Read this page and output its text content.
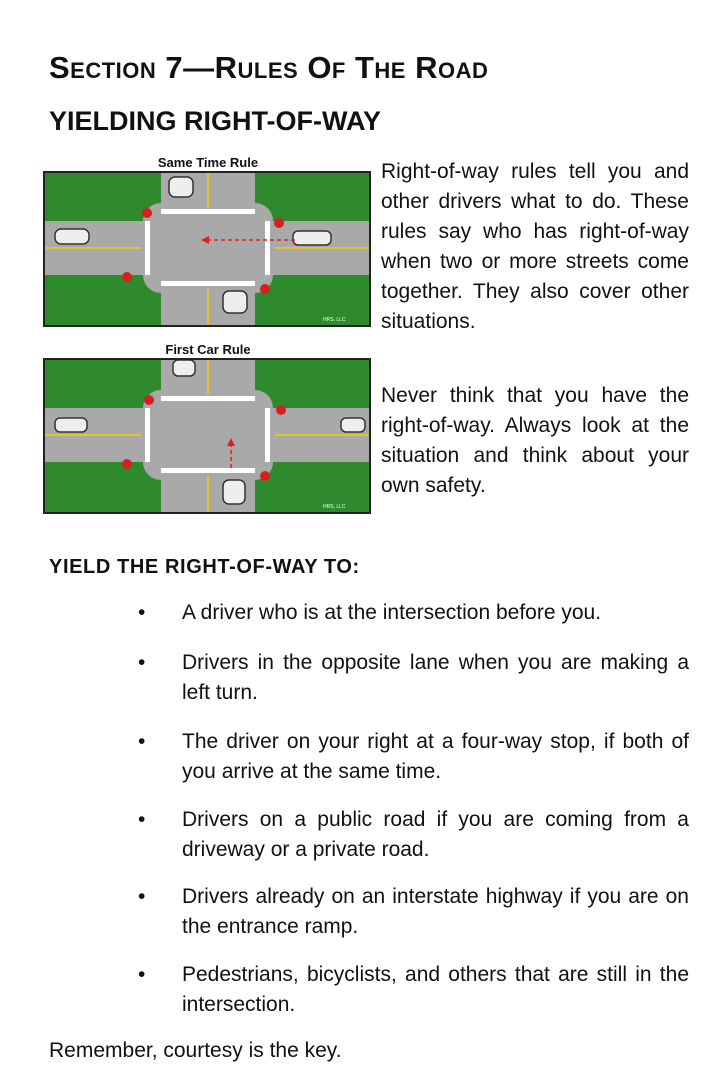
Section 7—Rules Of The Road
YIELDING RIGHT-OF-WAY
Same Time Rule
HRS, LLC
First Car Rule
HRS, LLC

Right-of-way rules tell you and other drivers what to do. These rules say who has right-of-way when two or more streets come together. They also cover other situations.

Never think that you have the right-of-way. Always look at the situation and think about your own safety.

YIELD THE RIGHT-OF-WAY TO:
• A driver who is at the intersection before you.
• Drivers in the opposite lane when you are making a left turn.
• The driver on your right at a four-way stop, if both of you arrive at the same time.
• Drivers on a public road if you are coming from a driveway or a private road.
• Drivers already on an interstate highway if you are on the entrance ramp.
• Pedestrians, bicyclists, and others that are still in the intersection.

Remember, courtesy is the key.
